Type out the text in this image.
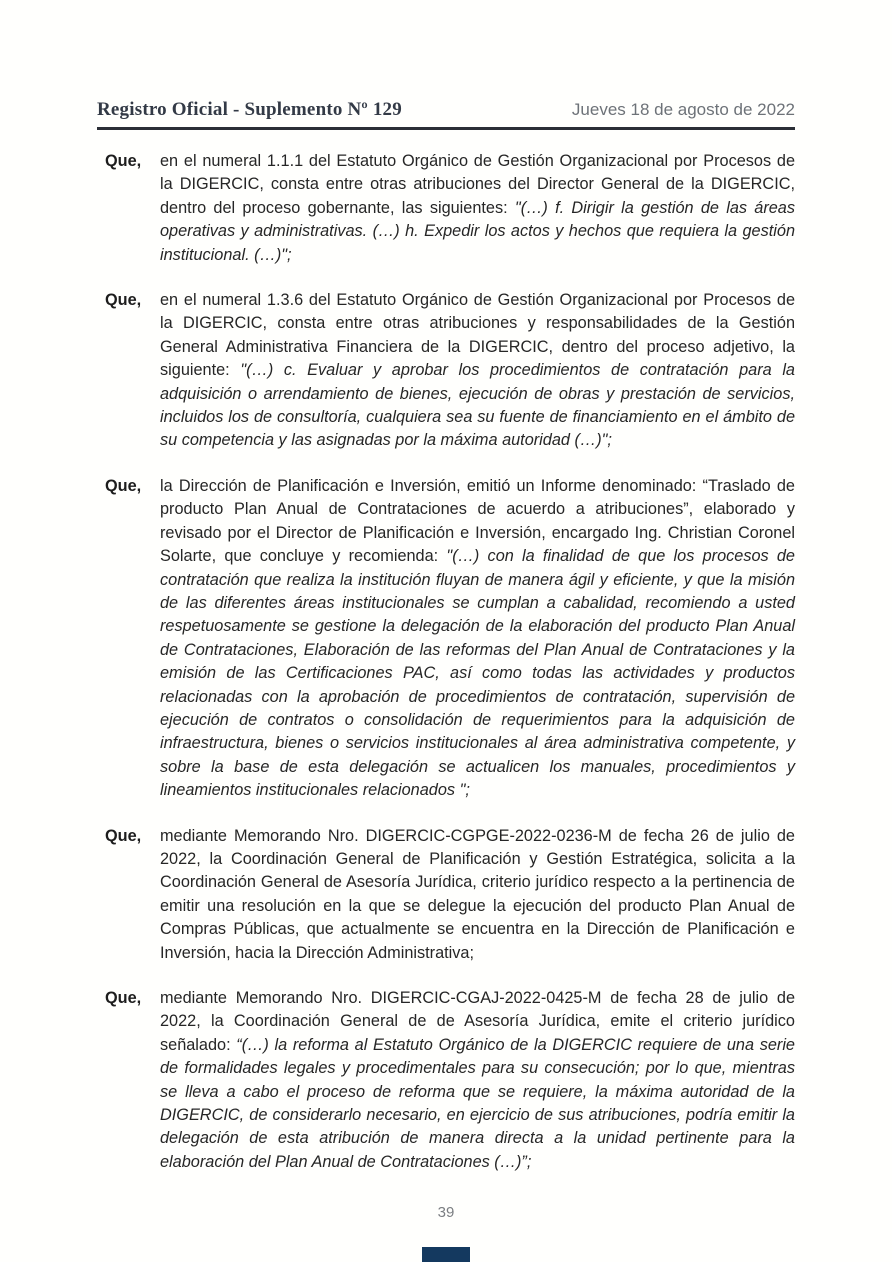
Registro Oficial - Suplemento Nº 129	Jueves 18 de agosto de 2022
Que,	en el numeral 1.1.1 del Estatuto Orgánico de Gestión Organizacional por Procesos de la DIGERCIC, consta entre otras atribuciones del Director General de la DIGERCIC, dentro del proceso gobernante, las siguientes: "(…) f. Dirigir la gestión de las áreas operativas y administrativas. (…) h. Expedir los actos y hechos que requiera la gestión institucional. (…)";
Que,	en el numeral 1.3.6 del Estatuto Orgánico de Gestión Organizacional por Procesos de la DIGERCIC, consta entre otras atribuciones y responsabilidades de la Gestión General Administrativa Financiera de la DIGERCIC, dentro del proceso adjetivo, la siguiente: "(…) c. Evaluar y aprobar los procedimientos de contratación para la adquisición o arrendamiento de bienes, ejecución de obras y prestación de servicios, incluidos los de consultoría, cualquiera sea su fuente de financiamiento en el ámbito de su competencia y las asignadas por la máxima autoridad (…)";
Que,	la Dirección de Planificación e Inversión, emitió un Informe denominado: “Traslado de producto Plan Anual de Contrataciones de acuerdo a atribuciones”, elaborado y revisado por el Director de Planificación e Inversión, encargado Ing. Christian Coronel Solarte, que concluye y recomienda: "(…) con la finalidad de que los procesos de contratación que realiza la institución fluyan de manera ágil y eficiente, y que la misión de las diferentes áreas institucionales se cumplan a cabalidad, recomiendo a usted respetuosamente se gestione la delegación de la elaboración del producto Plan Anual de Contrataciones, Elaboración de las reformas del Plan Anual de Contrataciones y la emisión de las Certificaciones PAC, así como todas las actividades y productos relacionadas con la aprobación de procedimientos de contratación, supervisión de ejecución de contratos o consolidación de requerimientos para la adquisición de infraestructura, bienes o servicios institucionales al área administrativa competente, y sobre la base de esta delegación se actualicen los manuales, procedimientos y lineamientos institucionales relacionados ";
Que,	mediante Memorando Nro. DIGERCIC-CGPGE-2022-0236-M de fecha 26 de julio de 2022, la Coordinación General de Planificación y Gestión Estratégica, solicita a la Coordinación General de Asesoría Jurídica, criterio jurídico respecto a la pertinencia de emitir una resolución en la que se delegue la ejecución del producto Plan Anual de Compras Públicas, que actualmente se encuentra en la Dirección de Planificación e Inversión, hacia la Dirección Administrativa;
Que,	mediante Memorando Nro. DIGERCIC-CGAJ-2022-0425-M de fecha 28 de julio de 2022, la Coordinación General de de Asesoría Jurídica, emite el criterio jurídico señalado: “(…) la reforma al Estatuto Orgánico de la DIGERCIC requiere de una serie de formalidades legales y procedimentales para su consecución; por lo que, mientras se lleva a cabo el proceso de reforma que se requiere, la máxima autoridad de la DIGERCIC, de considerarlo necesario, en ejercicio de sus atribuciones, podría emitir la delegación de esta atribución de manera directa a la unidad pertinente para la elaboración del Plan Anual de Contrataciones (…)”;
39
